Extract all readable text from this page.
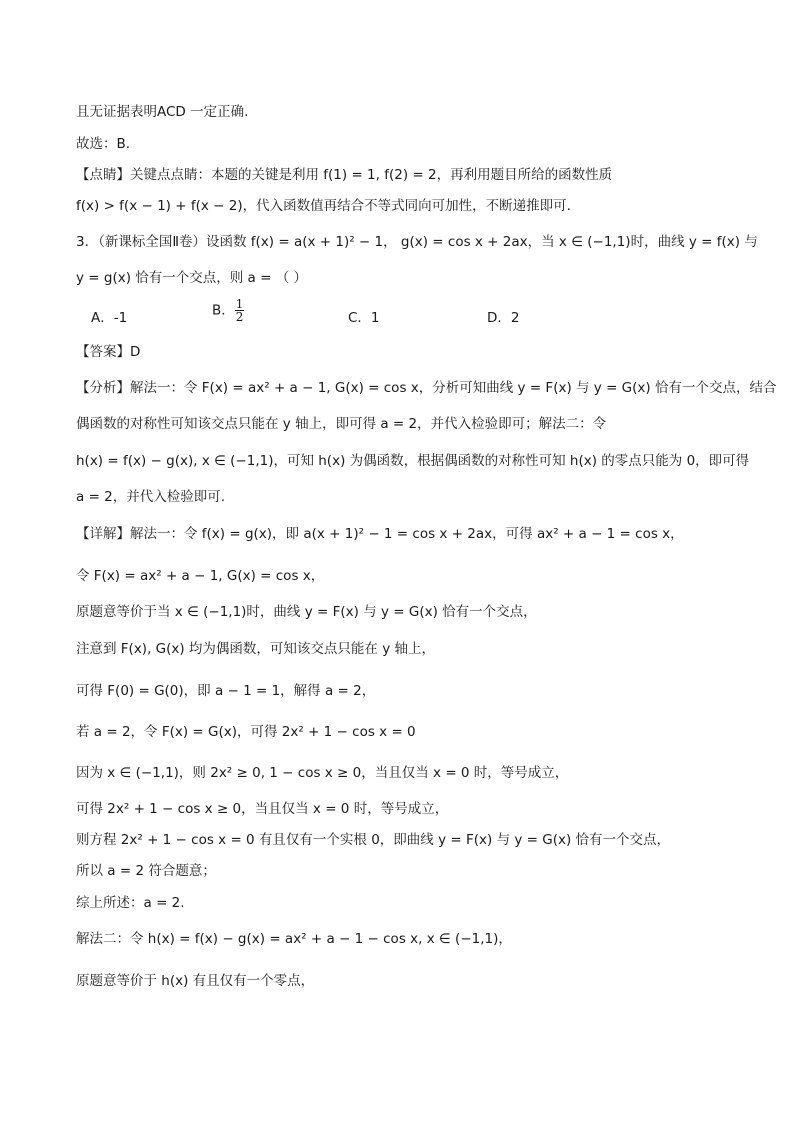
且无证据表明ACD 一定正确.
故选：B.
【点睛】关键点点睛：本题的关键是利用 f(1) = 1, f(2) = 2，再利用题目所给的函数性质
f(x) > f(x − 1) + f(x − 2)，代入函数值再结合不等式同向可加性，不断递推即可.
3．（新课标全国Ⅱ卷）设函数 f(x) = a(x + 1)² − 1， g(x) = cos x + 2ax，当 x ∈ (−1,1)时，曲线 y = f(x) 与
y = g(x) 恰有一个交点，则 a = （ ）
A．-1	B． $\frac{1}{2}$	C．1	D．2
【答案】D
【分析】解法一：令 F(x) = ax² + a − 1, G(x) = cos x，分析可知曲线 y = F(x) 与 y = G(x) 恰有一个交点，结合
偶函数的对称性可知该交点只能在 y 轴上，即可得 a = 2，并代入检验即可；解法二：令
h(x) = f(x) − g(x), x ∈ (−1,1)，可知 h(x) 为偶函数，根据偶函数的对称性可知 h(x) 的零点只能为 0，即可得
a = 2，并代入检验即可.
【详解】解法一：令 f(x) = g(x)，即 a(x + 1)² − 1 = cos x + 2ax，可得 ax² + a − 1 = cos x，
令 F(x) = ax² + a − 1, G(x) = cos x，
原题意等价于当 x ∈ (−1,1)时，曲线 y = F(x) 与 y = G(x) 恰有一个交点，
注意到 F(x), G(x) 均为偶函数，可知该交点只能在 y 轴上，
可得 F(0) = G(0)，即 a − 1 = 1，解得 a = 2，
若 a = 2，令 F(x) = G(x)，可得 2x² + 1 − cos x = 0
因为 x ∈ (−1,1)，则 2x² ≥ 0, 1 − cos x ≥ 0，当且仅当 x = 0 时，等号成立，
可得 2x² + 1 − cos x ≥ 0，当且仅当 x = 0 时，等号成立，
则方程 2x² + 1 − cos x = 0 有且仅有一个实根 0，即曲线 y = F(x) 与 y = G(x) 恰有一个交点，
所以 a = 2 符合题意；
综上所述：a = 2.
解法二：令 h(x) = f(x) − g(x) = ax² + a − 1 − cos x, x ∈ (−1,1)，
原题意等价于 h(x) 有且仅有一个零点，
